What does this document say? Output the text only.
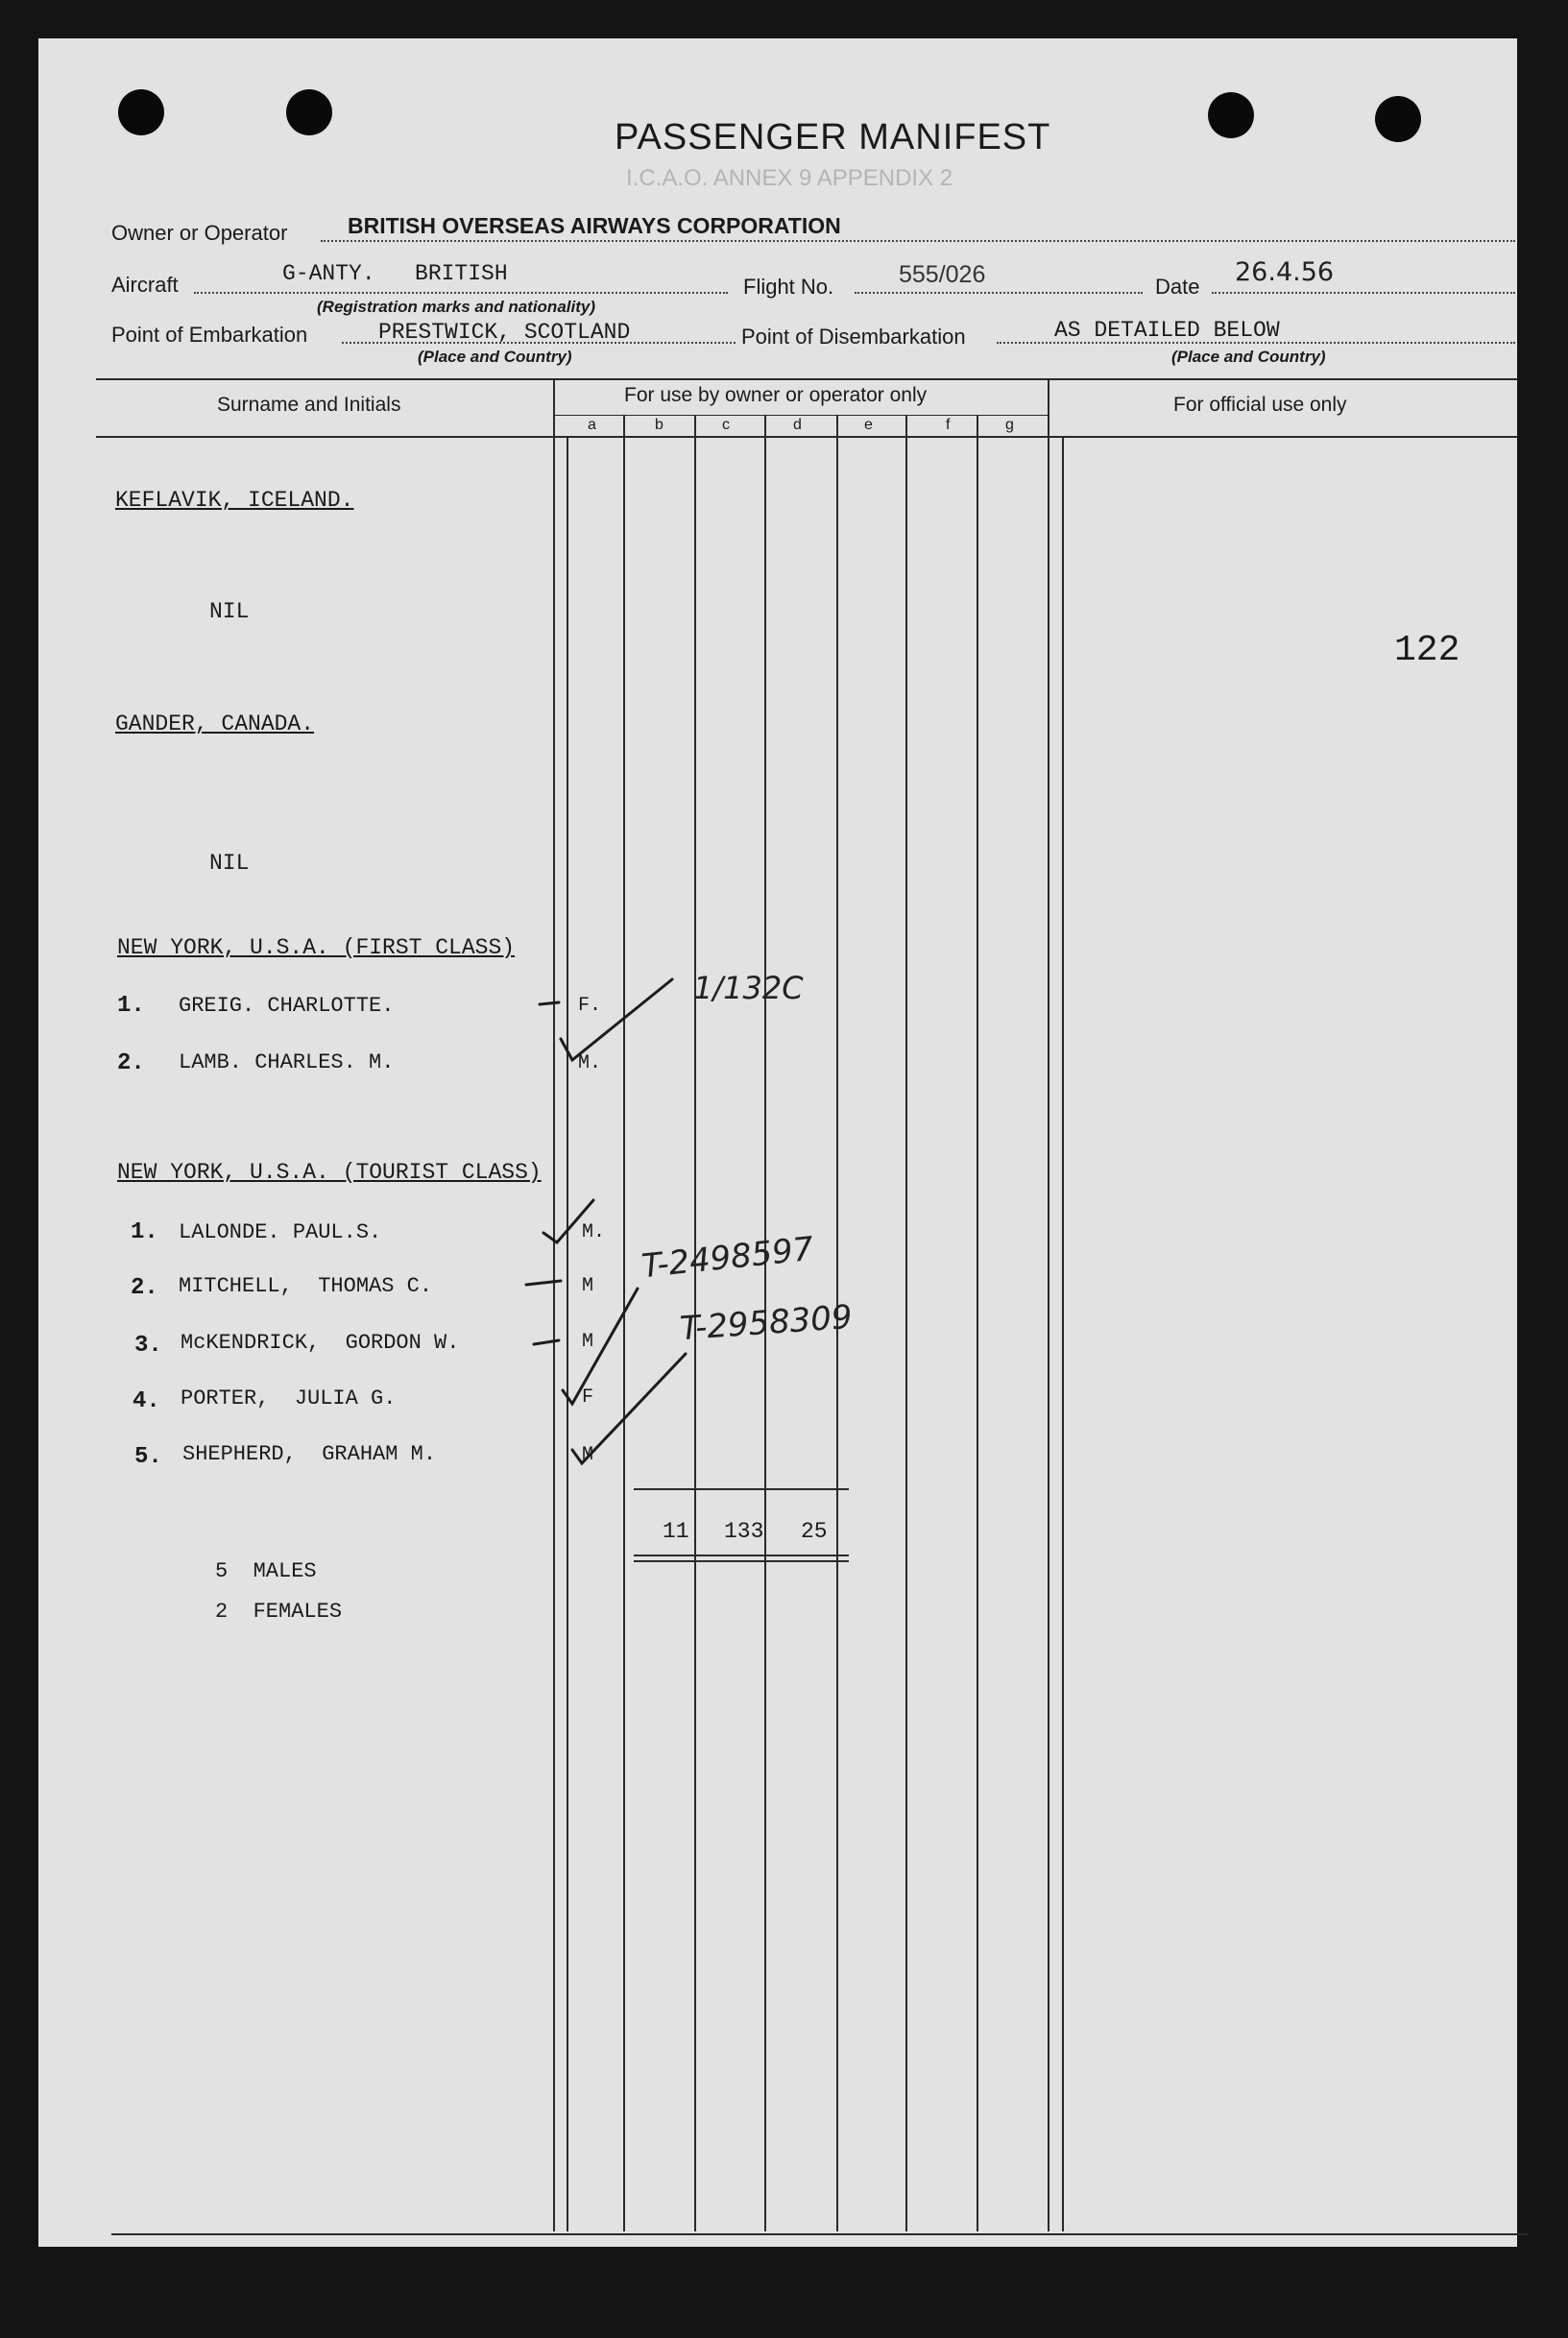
PASSENGER MANIFEST
I.C.A.O. ANNEX 9 APPENDIX 2
Owner or Operator	BRITISH OVERSEAS AIRWAYS CORPORATION
Aircraft	G-ANTY.   BRITISH
(Registration marks and nationality)
Flight No.	555/026	Date 26.4.56
Point of Embarkation	PRESTWICK, SCOTLAND
(Place and Country)
Point of Disembarkation	AS DETAILED BELOW
(Place and Country)
Surname and Initials	For use by owner or operator only	For official use only
a	b	c	d	e	f	g
KEFLAVIK, ICELAND.
NIL
122
GANDER, CANADA.
NIL
NEW YORK, U.S.A. (FIRST CLASS)
1. GREIG. CHARLOTTE.	F.
2. LAMB. CHARLES. M.	M.
NEW YORK, U.S.A. (TOURIST CLASS)
1. LALONDE. PAUL.S.	M.
2. MITCHELL,  THOMAS C.	M
3. McKENDRICK,  GORDON W.	M
4. PORTER,  JULIA G.	F
5. SHEPHERD,  GRAHAM M.	M
1/132C
T-2498597
T-2958309
11 133 25
5  MALES
2  FEMALES
